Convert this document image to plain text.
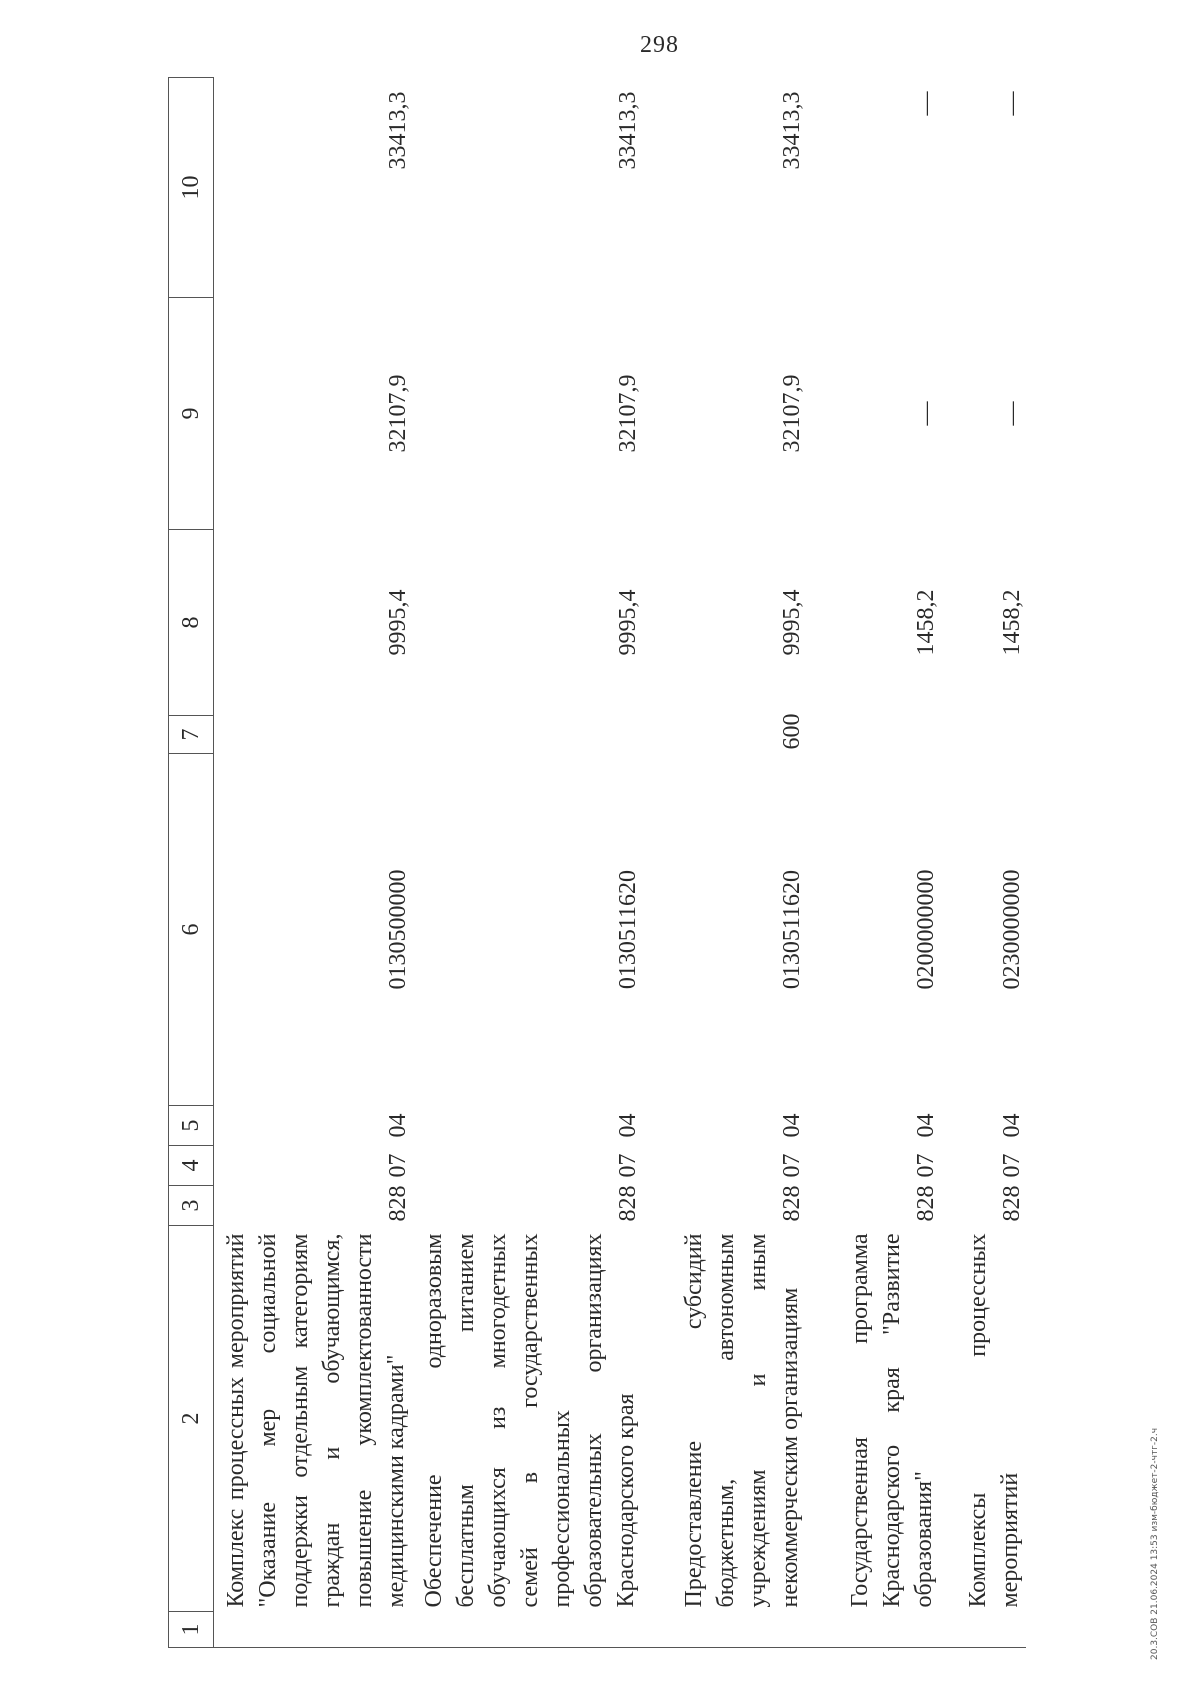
298
1	2	3	4	5	6	7	8	9	10
	Комплекс процессных мероприятий "Оказание мер социальной поддержки отдельным категориям граждан и обучающимся, повышение укомплектованности медицинскими кадрами"	828	07	04	0130500000		9995,4	32107,9	33413,3
	Обеспечение одноразовым бесплатным питанием обучающихся из многодетных семей в государственных профессиональных образовательных организациях Краснодарского края	828	07	04	0130511620		9995,4	32107,9	33413,3
	Предоставление субсидий бюджетным, автономным учреждениям и иным некоммерческим организациям	828	07	04	0130511620	600	9995,4	32107,9	33413,3
	Государственная программа Краснодарского края "Развитие образования"	828	07	04	0200000000		1458,2	—	—
	Комплексы процессных мероприятий	828	07	04	0230000000		1458,2	—	—
20.3.СОВ 21.06.2024 13:53 изм-бюджет-2-чтг-2.ч
